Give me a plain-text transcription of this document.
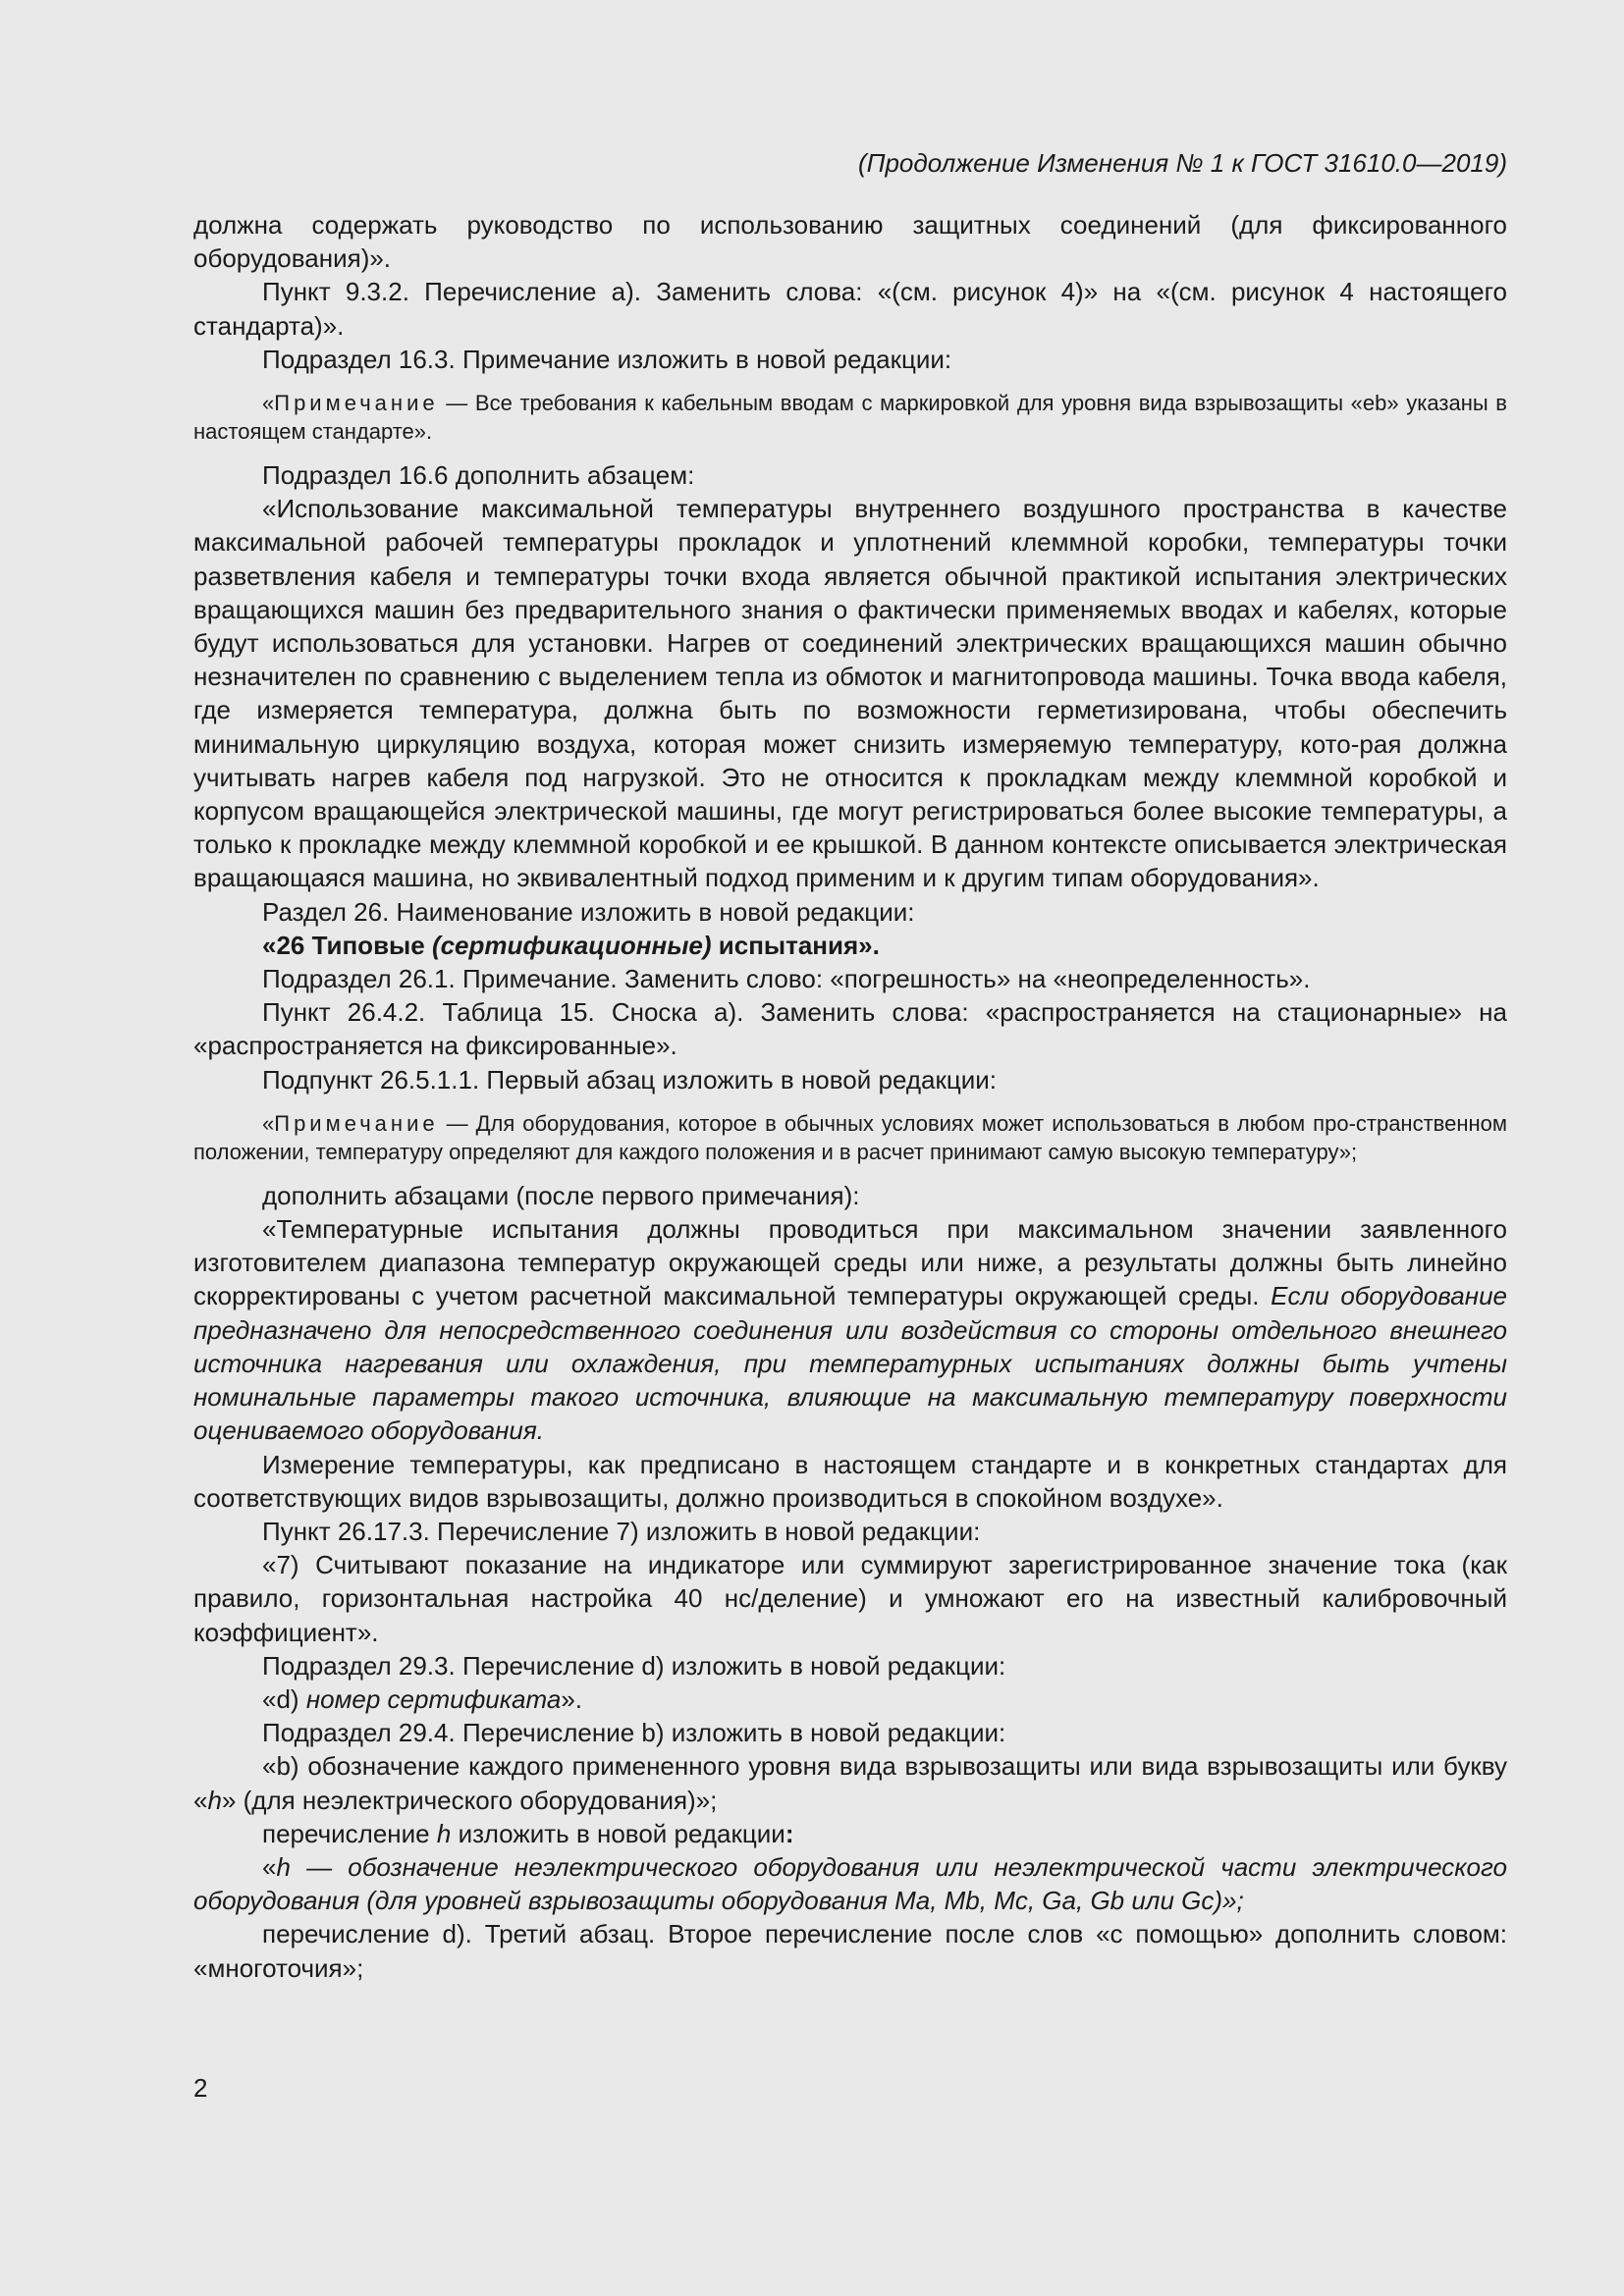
(Продолжение Изменения № 1 к ГОСТ 31610.0—2019)

должна содержать руководство по использованию защитных соединений (для фиксированного оборудования)».

Пункт 9.3.2. Перечисление а). Заменить слова: «(см. рисунок 4)» на «(см. рисунок 4 настоящего стандарта)».

Подраздел 16.3. Примечание изложить в новой редакции:

«Примечание — Все требования к кабельным вводам с маркировкой для уровня вида взрывозащиты «eb» указаны в настоящем стандарте».

Подраздел 16.6 дополнить абзацем:

«Использование максимальной температуры внутреннего воздушного пространства в качестве максимальной рабочей температуры прокладок и уплотнений клеммной коробки, температуры точки разветвления кабеля и температуры точки входа является обычной практикой испытания электрических вращающихся машин без предварительного знания о фактически применяемых вводах и кабелях, которые будут использоваться для установки. Нагрев от соединений электрических вращающихся машин обычно незначителен по сравнению с выделением тепла из обмоток и магнитопровода машины. Точка ввода кабеля, где измеряется температура, должна быть по возможности герметизирована, чтобы обеспечить минимальную циркуляцию воздуха, которая может снизить измеряемую температуру, кото-рая должна учитывать нагрев кабеля под нагрузкой. Это не относится к прокладкам между клеммной коробкой и корпусом вращающейся электрической машины, где могут регистрироваться более высокие температуры, а только к прокладке между клеммной коробкой и ее крышкой. В данном контексте описывается электрическая вращающаяся машина, но эквивалентный подход применим и к другим типам оборудования».

Раздел 26. Наименование изложить в новой редакции:

«26 Типовые (сертификационные) испытания».

Подраздел 26.1. Примечание. Заменить слово: «погрешность» на «неопределенность».

Пункт 26.4.2. Таблица 15. Сноска а). Заменить слова: «распространяется на стационарные» на «распространяется на фиксированные».

Подпункт 26.5.1.1. Первый абзац изложить в новой редакции:

«Примечание — Для оборудования, которое в обычных условиях может использоваться в любом про-странственном положении, температуру определяют для каждого положения и в расчет принимают самую высокую температуру»;

дополнить абзацами (после первого примечания):

«Температурные испытания должны проводиться при максимальном значении заявленного изготовителем диапазона температур окружающей среды или ниже, а результаты должны быть линейно скорректированы с учетом расчетной максимальной температуры окружающей среды. Если оборудование предназначено для непосредственного соединения или воздействия со стороны отдельного внешнего источника нагревания или охлаждения, при температурных испытаниях должны быть учтены номинальные параметры такого источника, влияющие на максимальную температуру поверхности оцениваемого оборудования.

Измерение температуры, как предписано в настоящем стандарте и в конкретных стандартах для соответствующих видов взрывозащиты, должно производиться в спокойном воздухе».

Пункт 26.17.3. Перечисление 7) изложить в новой редакции:

«7) Считывают показание на индикаторе или суммируют зарегистрированное значение тока (как правило, горизонтальная настройка 40 нс/деление) и умножают его на известный калибровочный коэффициент».

Подраздел 29.3. Перечисление d) изложить в новой редакции:

«d) номер сертификата».

Подраздел 29.4. Перечисление b) изложить в новой редакции:

«b) обозначение каждого примененного уровня вида взрывозащиты или вида взрывозащиты или букву «h» (для неэлектрического оборудования)»;

перечисление h изложить в новой редакции:

«h — обозначение неэлектрического оборудования или неэлектрической части электрического оборудования (для уровней взрывозащиты оборудования Ma, Mb, Mc, Ga, Gb или Gc)»;

перечисление d). Третий абзац. Второе перечисление после слов «с помощью» дополнить словом: «многоточия»;

2
